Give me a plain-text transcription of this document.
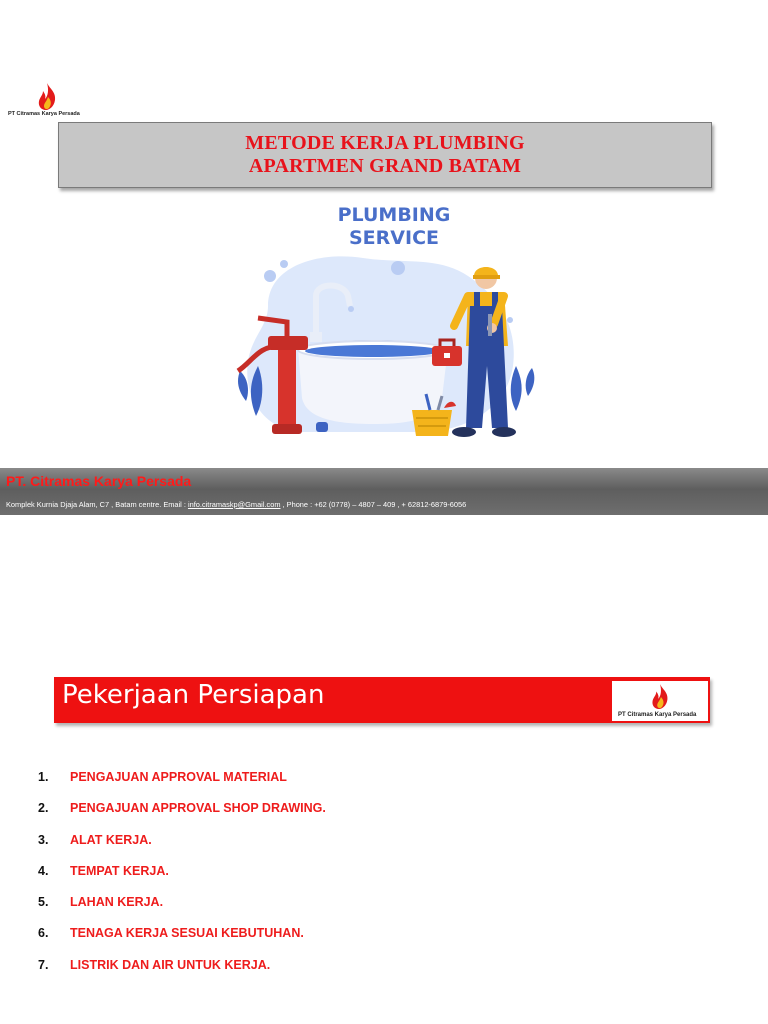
PT Citramas Karya Persada
METODE KERJA PLUMBING
APARTMEN GRAND BATAM
PLUMBING
SERVICE
PT. Citramas Karya Persada
Komplek Kurnia Djaja Alam, C7 , Batam centre. Email : info.citramaskp@Gmail.com , Phone : +62 (0778) – 4807 – 409 , + 62812-6879-6056
Pekerjaan Persiapan
PT Citramas Karya Persada
1.	PENGAJUAN APPROVAL MATERIAL
2.	PENGAJUAN APPROVAL SHOP DRAWING.
3.	ALAT KERJA.
4.	TEMPAT KERJA.
5.	LAHAN KERJA.
6.	TENAGA KERJA SESUAI KEBUTUHAN.
7.	LISTRIK DAN AIR UNTUK KERJA.
